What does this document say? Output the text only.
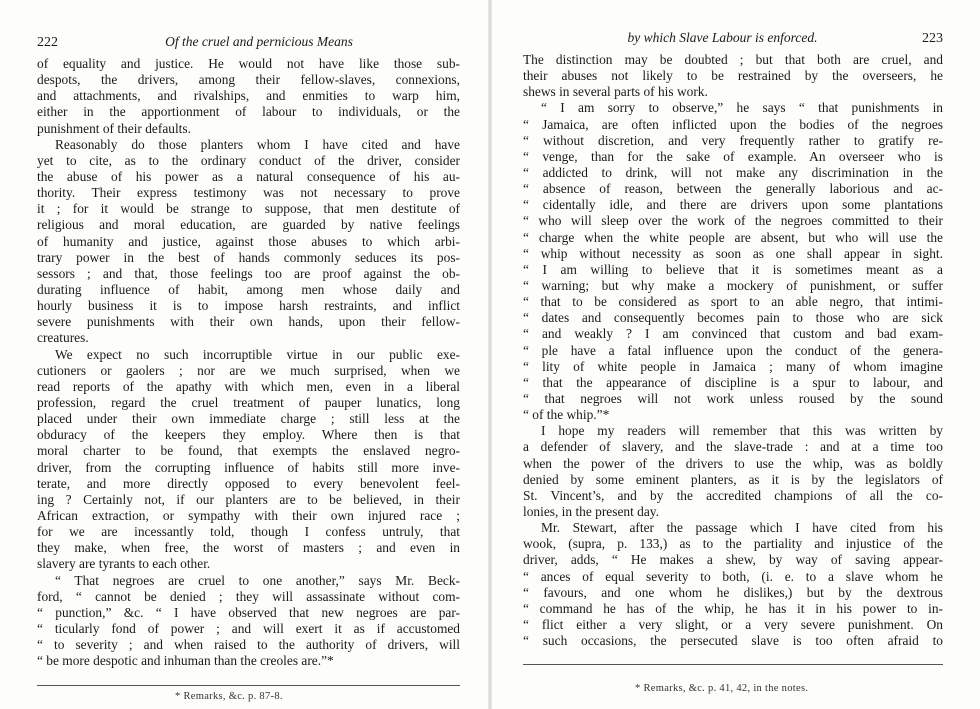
222	Of the cruel and pernicious Means
of equality and justice. He would not have like those sub-
despots, the drivers, among their fellow-slaves, connexions,
and attachments, and rivalships, and enmities to warp him,
either in the apportionment of labour to individuals, or the
punishment of their defaults.
Reasonably do those planters whom I have cited and have
yet to cite, as to the ordinary conduct of the driver, consider
the abuse of his power as a natural consequence of his au-
thority. Their express testimony was not necessary to prove
it ; for it would be strange to suppose, that men destitute of
religious and moral education, are guarded by native feelings
of humanity and justice, against those abuses to which arbi-
trary power in the best of hands commonly seduces its pos-
sessors ; and that, those feelings too are proof against the ob-
durating influence of habit, among men whose daily and
hourly business it is to impose harsh restraints, and inflict
severe punishments with their own hands, upon their fellow-
creatures.
We expect no such incorruptible virtue in our public exe-
cutioners or gaolers ; nor are we much surprised, when we
read reports of the apathy with which men, even in a liberal
profession, regard the cruel treatment of pauper lunatics, long
placed under their own immediate charge ; still less at the
obduracy of the keepers they employ. Where then is that
moral charter to be found, that exempts the enslaved negro-
driver, from the corrupting influence of habits still more inve-
terate, and more directly opposed to every benevolent feel-
ing ? Certainly not, if our planters are to be believed, in their
African extraction, or sympathy with their own injured race ;
for we are incessantly told, though I confess untruly, that
they make, when free, the worst of masters ; and even in
slavery are tyrants to each other.
“ That negroes are cruel to one another,” says Mr. Beck-
ford, “ cannot be denied ; they will assassinate without com-
“ punction,” &c. “ I have observed that new negroes are par-
“ ticularly fond of power ; and will exert it as if accustomed
“ to severity ; and when raised to the authority of drivers, will
“ be more despotic and inhuman than the creoles are.”*
* Remarks, &c. p. 87-8.
by which Slave Labour is enforced.	223
The distinction may be doubted ; but that both are cruel, and
their abuses not likely to be restrained by the overseers, he
shews in several parts of his work.
“ I am sorry to observe,” he says “ that punishments in
“ Jamaica, are often inflicted upon the bodies of the negroes
“ without discretion, and very frequently rather to gratify re-
“ venge, than for the sake of example. An overseer who is
“ addicted to drink, will not make any discrimination in the
“ absence of reason, between the generally laborious and ac-
“ cidentally idle, and there are drivers upon some plantations
“ who will sleep over the work of the negroes committed to their
“ charge when the white people are absent, but who will use the
“ whip without necessity as soon as one shall appear in sight.
“ I am willing to believe that it is sometimes meant as a
“ warning; but why make a mockery of punishment, or suffer
“ that to be considered as sport to an able negro, that intimi-
“ dates and consequently becomes pain to those who are sick
“ and weakly ? I am convinced that custom and bad exam-
“ ple have a fatal influence upon the conduct of the genera-
“ lity of white people in Jamaica ; many of whom imagine
“ that the appearance of discipline is a spur to labour, and
“ that negroes will not work unless roused by the sound
“ of the whip.”*
I hope my readers will remember that this was written by
a defender of slavery, and the slave-trade : and at a time too
when the power of the drivers to use the whip, was as boldly
denied by some eminent planters, as it is by the legislators of
St. Vincent’s, and by the accredited champions of all the co-
lonies, in the present day.
Mr. Stewart, after the passage which I have cited from his
wook, (supra, p. 133,) as to the partiality and injustice of the
driver, adds, “ He makes a shew, by way of saving appear-
“ ances of equal severity to both, (i. e. to a slave whom he
“ favours, and one whom he dislikes,) but by the dextrous
“ command he has of the whip, he has it in his power to in-
“ flict either a very slight, or a very severe punishment. On
“ such occasions, the persecuted slave is too often afraid to
* Remarks, &c. p. 41, 42, in the notes.
